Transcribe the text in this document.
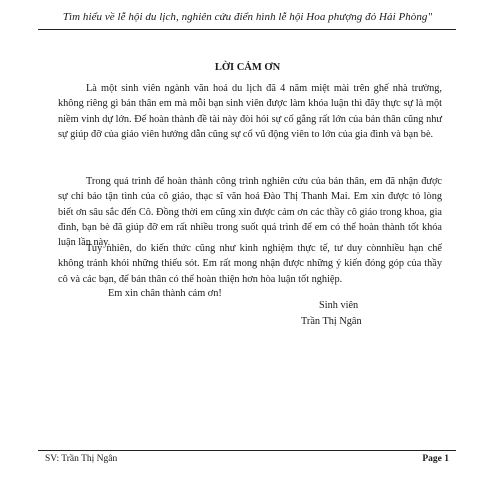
Tìm hiểu về lễ hội du lịch, nghiên cứu điển hình lễ hội Hoa phượng đỏ Hải Phòng"
LỜI CẢM ƠN

Là một sinh viên ngành văn hoá du lịch đã 4 năm miệt mài trên ghế nhà trường, không riêng gì bản thân em mà mỗi bạn sinh viên được làm khóa luận thì đây thực sự là một niềm vinh dự lớn. Để hoàn thành đề tài này đòi hỏi sự cố gắng rất lớn của bản thân cũng như sự giúp đỡ của giáo viên hướng dẫn cũng sự cổ vũ động viên to lớn của gia đình và bạn bè.

Trong quá trình để hoàn thành công trình nghiên cứu của bản thân, em đã nhận được sự chỉ bảo tận tình của cô giáo, thạc sĩ văn hoá Đào Thị Thanh Mai. Em xin được tỏ lòng biết ơn sâu sắc đến Cô. Đồng thời em cũng xin được cảm ơn các thầy cô giáo trong khoa, gia đình, bạn bè đã giúp đỡ em rất nhiều trong suốt quá trình để em có thể hoàn thành tốt khóa luận lần này.

Tuy nhiên, do kiến thức cũng như kinh nghiệm thực tế, tư duy cònnhiều hạn chế không tránh khỏi những thiếu sót. Em rất mong nhận được những ý kiến đóng góp của thầy cô và các bạn, để bản thân có thể hoàn thiện hơn hòa luận tốt nghiệp.

Em xin chân thành cảm ơn!
Sinh viên
Trần Thị Ngân
SV: Trần Thị Ngân	Page 1
